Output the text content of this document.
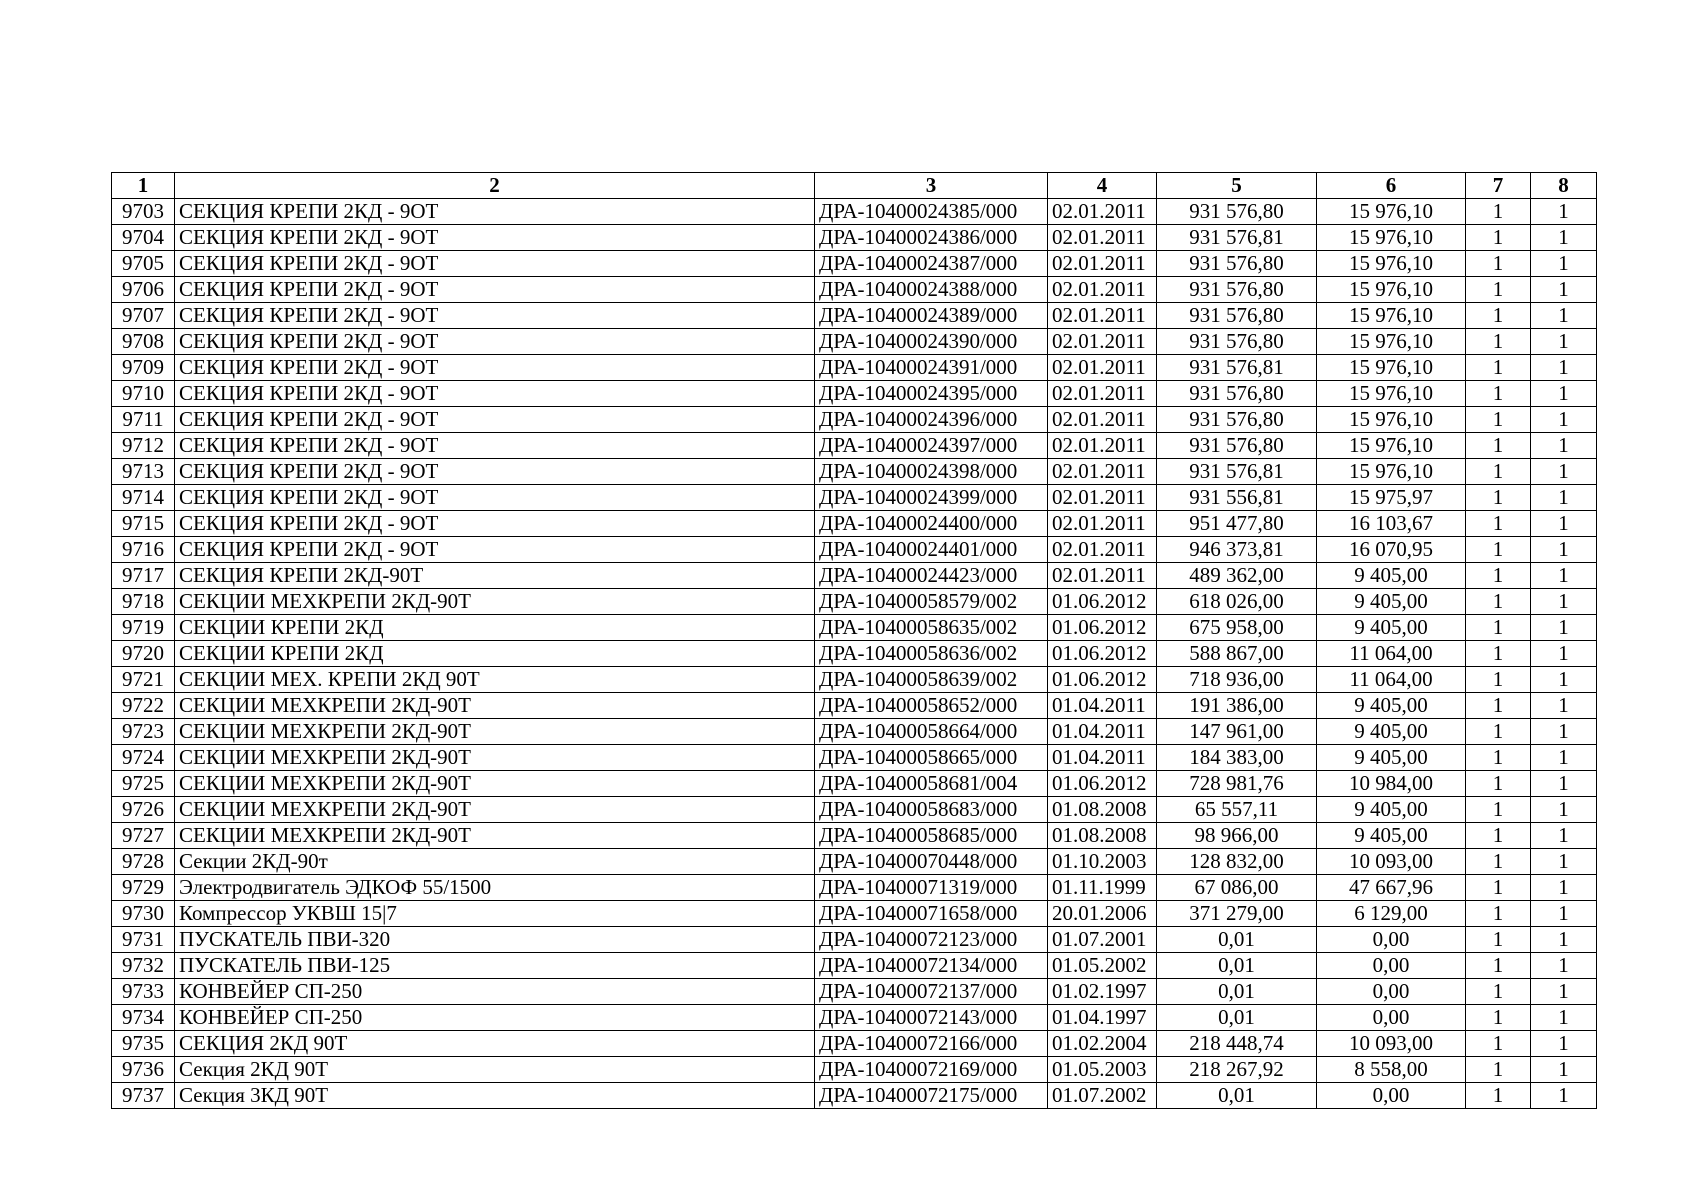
1	2	3	4	5	6	7	8
9703	СЕКЦИЯ КРЕПИ 2КД - 9ОТ	ДРА-10400024385/000	02.01.2011	931 576,80	15 976,10	1	1
9704	СЕКЦИЯ КРЕПИ 2КД - 9ОТ	ДРА-10400024386/000	02.01.2011	931 576,81	15 976,10	1	1
9705	СЕКЦИЯ КРЕПИ 2КД - 9ОТ	ДРА-10400024387/000	02.01.2011	931 576,80	15 976,10	1	1
9706	СЕКЦИЯ КРЕПИ 2КД - 9ОТ	ДРА-10400024388/000	02.01.2011	931 576,80	15 976,10	1	1
9707	СЕКЦИЯ КРЕПИ 2КД - 9ОТ	ДРА-10400024389/000	02.01.2011	931 576,80	15 976,10	1	1
9708	СЕКЦИЯ КРЕПИ 2КД - 9ОТ	ДРА-10400024390/000	02.01.2011	931 576,80	15 976,10	1	1
9709	СЕКЦИЯ КРЕПИ 2КД - 9ОТ	ДРА-10400024391/000	02.01.2011	931 576,81	15 976,10	1	1
9710	СЕКЦИЯ КРЕПИ 2КД - 9ОТ	ДРА-10400024395/000	02.01.2011	931 576,80	15 976,10	1	1
9711	СЕКЦИЯ КРЕПИ 2КД - 9ОТ	ДРА-10400024396/000	02.01.2011	931 576,80	15 976,10	1	1
9712	СЕКЦИЯ КРЕПИ 2КД - 9ОТ	ДРА-10400024397/000	02.01.2011	931 576,80	15 976,10	1	1
9713	СЕКЦИЯ КРЕПИ 2КД - 9ОТ	ДРА-10400024398/000	02.01.2011	931 576,81	15 976,10	1	1
9714	СЕКЦИЯ КРЕПИ 2КД - 9ОТ	ДРА-10400024399/000	02.01.2011	931 556,81	15 975,97	1	1
9715	СЕКЦИЯ КРЕПИ 2КД - 9ОТ	ДРА-10400024400/000	02.01.2011	951 477,80	16 103,67	1	1
9716	СЕКЦИЯ КРЕПИ 2КД - 9ОТ	ДРА-10400024401/000	02.01.2011	946 373,81	16 070,95	1	1
9717	СЕКЦИЯ КРЕПИ 2КД-90Т	ДРА-10400024423/000	02.01.2011	489 362,00	9 405,00	1	1
9718	СЕКЦИИ МЕХКРЕПИ 2КД-90Т	ДРА-10400058579/002	01.06.2012	618 026,00	9 405,00	1	1
9719	СЕКЦИИ КРЕПИ 2КД	ДРА-10400058635/002	01.06.2012	675 958,00	9 405,00	1	1
9720	СЕКЦИИ КРЕПИ 2КД	ДРА-10400058636/002	01.06.2012	588 867,00	11 064,00	1	1
9721	СЕКЦИИ МЕХ. КРЕПИ 2КД 90Т	ДРА-10400058639/002	01.06.2012	718 936,00	11 064,00	1	1
9722	СЕКЦИИ МЕХКРЕПИ 2КД-90Т	ДРА-10400058652/000	01.04.2011	191 386,00	9 405,00	1	1
9723	СЕКЦИИ МЕХКРЕПИ 2КД-90Т	ДРА-10400058664/000	01.04.2011	147 961,00	9 405,00	1	1
9724	СЕКЦИИ МЕХКРЕПИ 2КД-90Т	ДРА-10400058665/000	01.04.2011	184 383,00	9 405,00	1	1
9725	СЕКЦИИ МЕХКРЕПИ 2КД-90Т	ДРА-10400058681/004	01.06.2012	728 981,76	10 984,00	1	1
9726	СЕКЦИИ МЕХКРЕПИ 2КД-90Т	ДРА-10400058683/000	01.08.2008	65 557,11	9 405,00	1	1
9727	СЕКЦИИ МЕХКРЕПИ 2КД-90Т	ДРА-10400058685/000	01.08.2008	98 966,00	9 405,00	1	1
9728	Секции 2КД-90т	ДРА-10400070448/000	01.10.2003	128 832,00	10 093,00	1	1
9729	Электродвигатель ЭДКОФ 55/1500	ДРА-10400071319/000	01.11.1999	67 086,00	47 667,96	1	1
9730	Компрессор УКВШ 15|7	ДРА-10400071658/000	20.01.2006	371 279,00	6 129,00	1	1
9731	ПУСКАТЕЛЬ ПВИ-320	ДРА-10400072123/000	01.07.2001	0,01	0,00	1	1
9732	ПУСКАТЕЛЬ ПВИ-125	ДРА-10400072134/000	01.05.2002	0,01	0,00	1	1
9733	КОНВЕЙЕР СП-250	ДРА-10400072137/000	01.02.1997	0,01	0,00	1	1
9734	КОНВЕЙЕР СП-250	ДРА-10400072143/000	01.04.1997	0,01	0,00	1	1
9735	СЕКЦИЯ 2КД 90Т	ДРА-10400072166/000	01.02.2004	218 448,74	10 093,00	1	1
9736	Секция 2КД 90Т	ДРА-10400072169/000	01.05.2003	218 267,92	8 558,00	1	1
9737	Секция 3КД 90Т	ДРА-10400072175/000	01.07.2002	0,01	0,00	1	1
